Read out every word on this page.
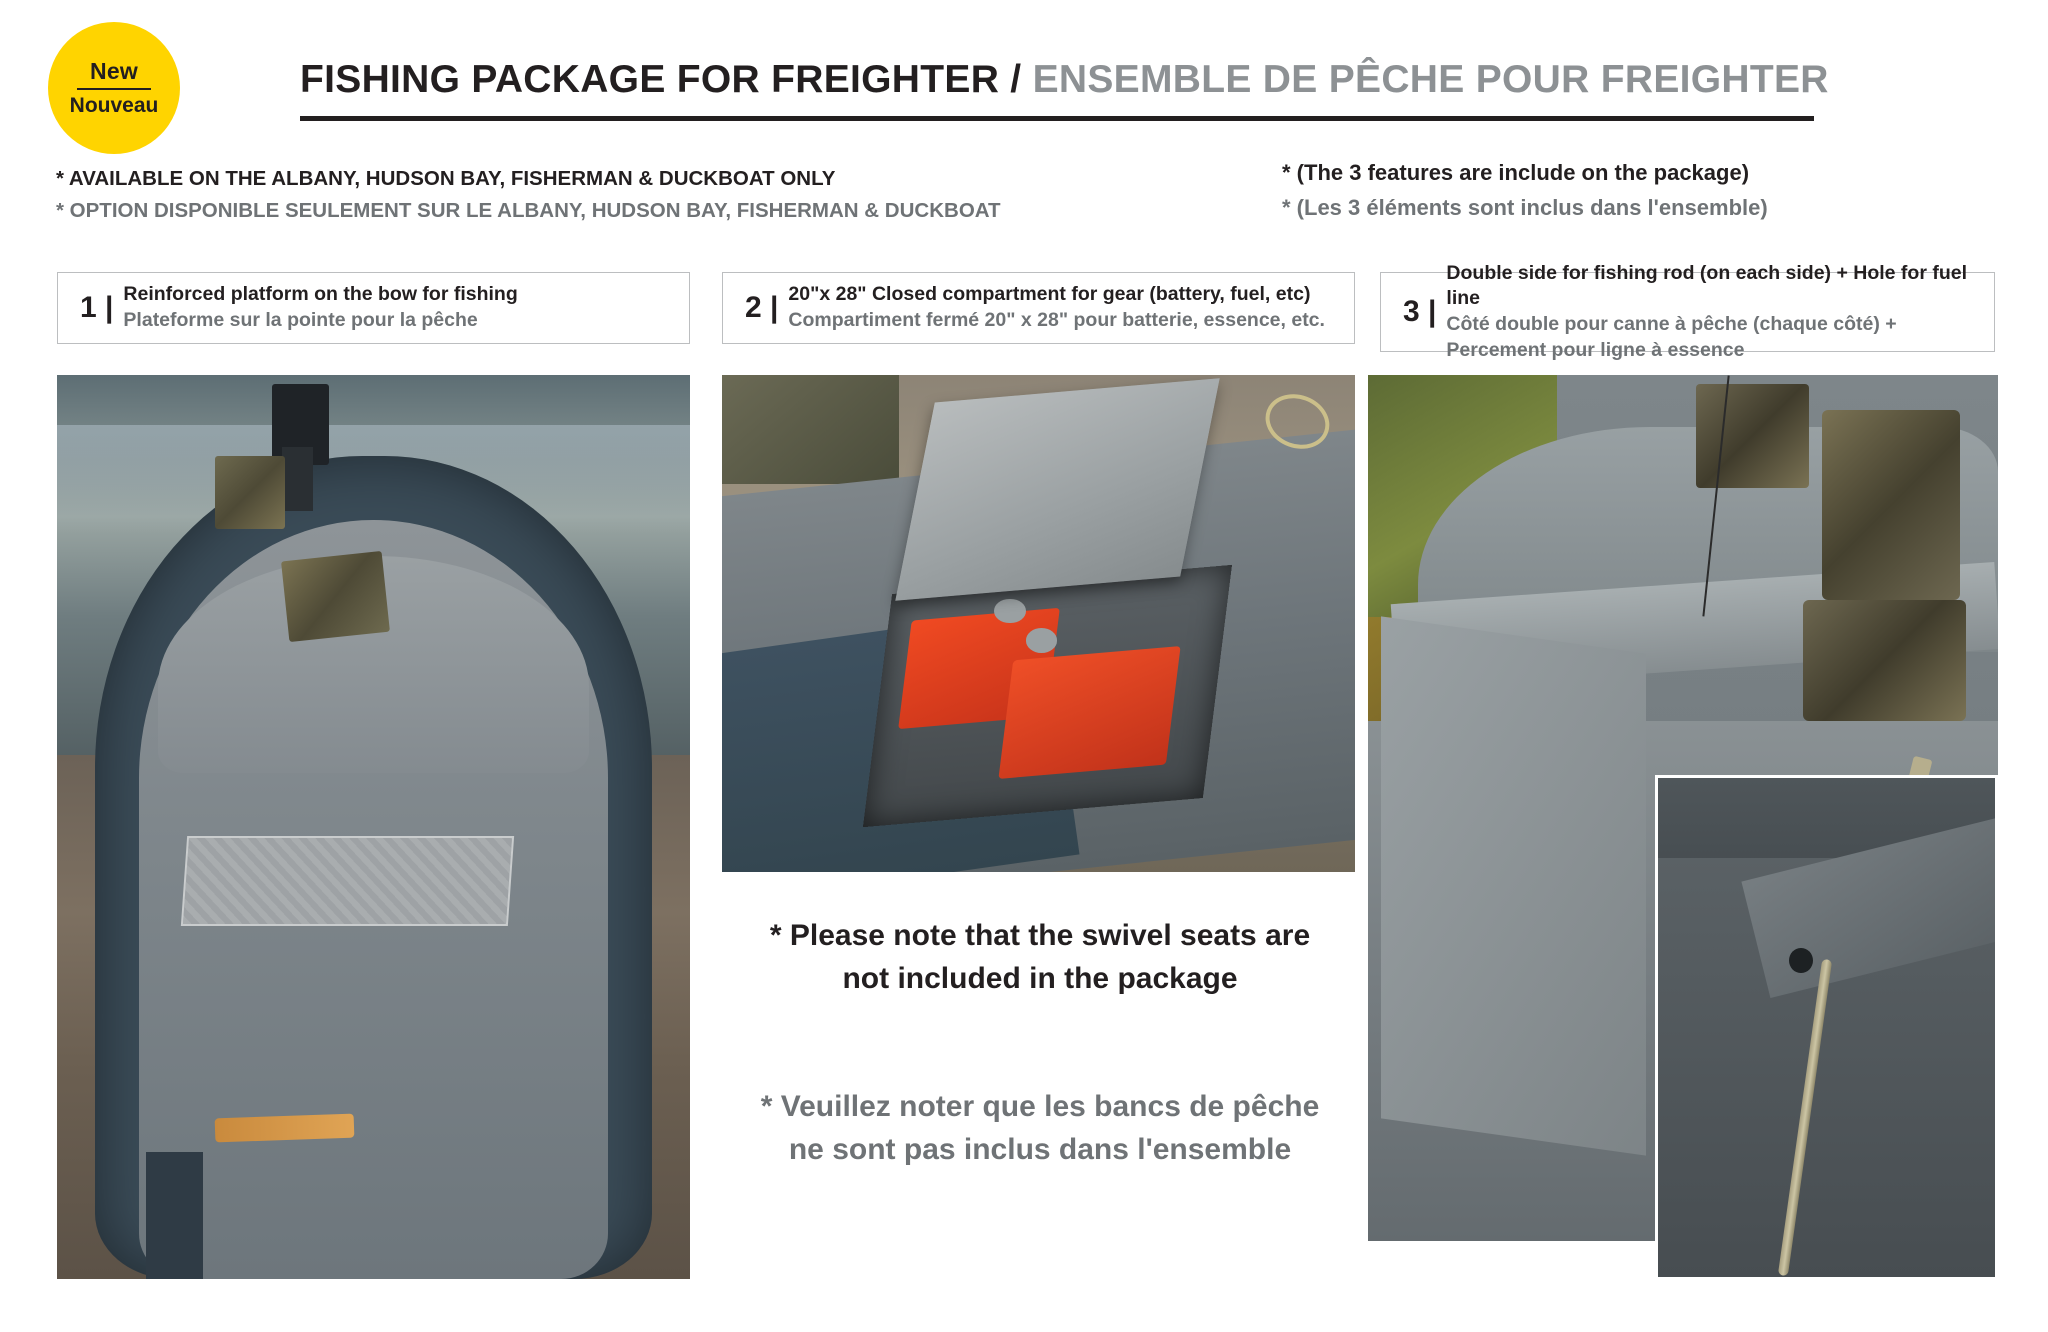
New
Nouveau
FISHING PACKAGE FOR FREIGHTER / ENSEMBLE DE PÊCHE POUR FREIGHTER
* AVAILABLE ON THE ALBANY, HUDSON BAY, FISHERMAN & DUCKBOAT ONLY
* OPTION DISPONIBLE SEULEMENT SUR LE ALBANY, HUDSON BAY, FISHERMAN & DUCKBOAT
* (The 3 features are include on the package)
* (Les 3 éléments sont inclus dans l'ensemble)
1 | Reinforced platform on the bow for fishing
Plateforme sur la pointe pour la pêche	2 | 20"x 28" Closed compartment for gear (battery, fuel, etc)
Compartiment fermé 20" x 28" pour batterie, essence, etc.	3 |
Double side for fishing rod (on each side) + Hole for fuel line
Côté double pour canne à pêche (chaque côté) + Percement pour ligne à essence
* Please note that the swivel seats are
not included in the package
* Veuillez noter que les bancs de pêche
ne sont pas inclus dans l'ensemble
